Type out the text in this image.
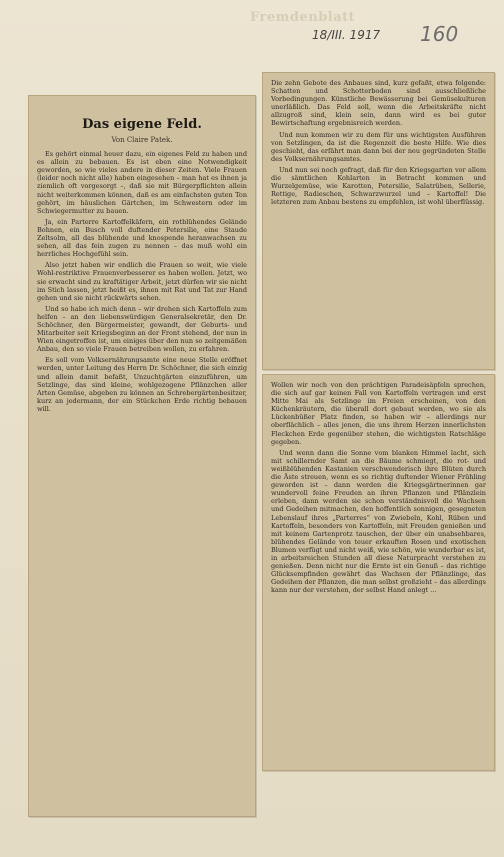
Fremdenblatt
18/III. 1917 160
Das eigene Feld.
Von Claire Patek.

Es gehört einmal heuer dazu, ein eigenes Feld zu haben und es allein zu bebauen. Es ist eben eine Notwendigkeit geworden, so wie vieles andere in dieser Zeiten. Viele Frauen (leider noch nicht alle) haben eingesehen – man hat es ihnen ja ziemlich oft vorgesorgt –, daß sie mit Bürgerpflichten allein nicht weiterkommen können, daß es am einfachsten guten Ton gehört, im häuslichen Gärtchen, im Schwestern oder im Schwiegermutter zu bauen.

Ja, ein Parterre Kartoffelkäfern, ein rotblühendes Gelände Bohnen, ein Busch voll duftender Petersilie, eine Staude Zeltsolm, all das blühende und knospende heranwachsen zu sehen, all das fein zugen zu nennen – das muß wohl ein herrliches Hochgefühl sein.

Also jetzt haben wir endlich die Frauen so weit, wie viele Wohl-restriktive Frauenverbesserer es haben wollen. Jetzt, wo sie erwacht sind zu kraftätiger Arbeit, jetzt dürfen wir sie nicht im Stich lassen, jetzt heißt es, ihnen mit Rat und Tat zur Hand gehen und sie nicht rückwärts sehen.

Und so habe ich mich denn – wir drehen sich Kartoffeln zum helfen – an den liebenswürdigen Generalsekretär, den Dr. Schöchner, den Bürgermeister, gewandt, der Geburts- und Mitarbeiter seit Kriegsbeginn an der Front stehend, der nun in Wien eingetroffen ist, um einiges über den nun so zeitgemäßen Anbau, den so viele Frauen betreiben wollen, zu erfahren.

Es soll vom Volksernährungsamte eine neue Stelle eröffnet werden, unter Leitung des Herrn Dr. Schöchner, die sich einzig und allein damit befaßt, Unzuchtgärten einzuführen, um Setzlinge, das sind kleine, wohlgezogene Pflänzchen aller Arten Gemüse, abgeben zu können an Schrebergärtenbesitzer, kurz an jedermann, der ein Stückchen Erde richtig bebauen will.

Die zehn Gebote des Anbaues sind, kurz gefaßt, etwa folgende: Schatten und Schotterboden sind ausschließliche Vorbedingungen. Künstliche Bewässerung bei Gemüsekulturen unerläßlich. Das Feld soll, wenn die Arbeitskräfte nicht allzugroß sind, klein sein, dann wird es bei guter Bewirtschaftung ergebnisreich werden.

Und nun kommen wir zu dem für uns wichtigsten Ausführen von Setzlingen, da ist die Regenzeit die beste Hilfe. Wie dies geschieht, das erfährt man dann bei der neu gegründeten Stelle des Volksernährungsamtes.

Und nun sei noch gefragt, daß für den Kriegsgarten vor allem die sämtlichen Kohlarten in Betracht kommen und Wurzelgemüse, wie Karotten, Petersilie, Salatrüben, Sellerie, Rettige, Radieschen, Schwarzwurzel und – Kartoffel! Die letzteren zum Anbau bestens zu empfehlen, ist wohl überflüssig.

Wollen wir noch von den prächtigen Paradeisäpfeln sprechen, die sich auf gar keinen Fall von Kartoffeln vertragen und erst Mitte Mai als Setzlinge im Freien erscheinen, von den Küchenkräutern, die überall dort gebaut werden, wo sie als Lückenbüßer Platz finden, so haben wir – allerdings nur oberflächlich – alles jenen, die uns ihrem Herzen innerlichsten Fleckchen Erde gegenüber stehen, die wichtigsten Ratschläge gegeben.

Und wenn dann die Sonne vom blanken Himmel lacht, sich mit schillernder Samt an die Bäume schmiegt, die rot- und weißblühenden Kastanien verschwenderisch ihre Blüten durch die Äste streuen, wenn es so richtig duftender Wiener Frühling geworden ist – dann werden die Kriegsgärtnerinnen gar wundervoll feine Freuden an ihren Pflanzen und Pflänzlein erleben, dann werden sie schon verständnisvoll die Wachsen und Gedeihen mitmachen, den hoffentlich sonnigen, gesegneten Lebenslauf ihres „Parterres“ von Zwiebeln, Kohl, Rüben und Kartoffeln, besonders von Kartoffeln, mit Freuden genießen und mit keinem Gartenprotz tauschen, der über ein unabsehbares, blühendes Gelände von teuer erkauften Rosen und exotischen Blumen verfügt und nicht weiß, wie schön, wie wunderbar es ist, in arbeitsreichen Stunden all diese Naturpracht verstehen zu genießen. Denn nicht nur die Ernte ist ein Genuß – das richtige Glücksempfinden gewährt das Wachsen der Pflänzlinge, das Gedeihen der Pflanzen, die man selbst großzieht – das allerdings kann nur der verstehen, der selbst Hand anlegt ...
